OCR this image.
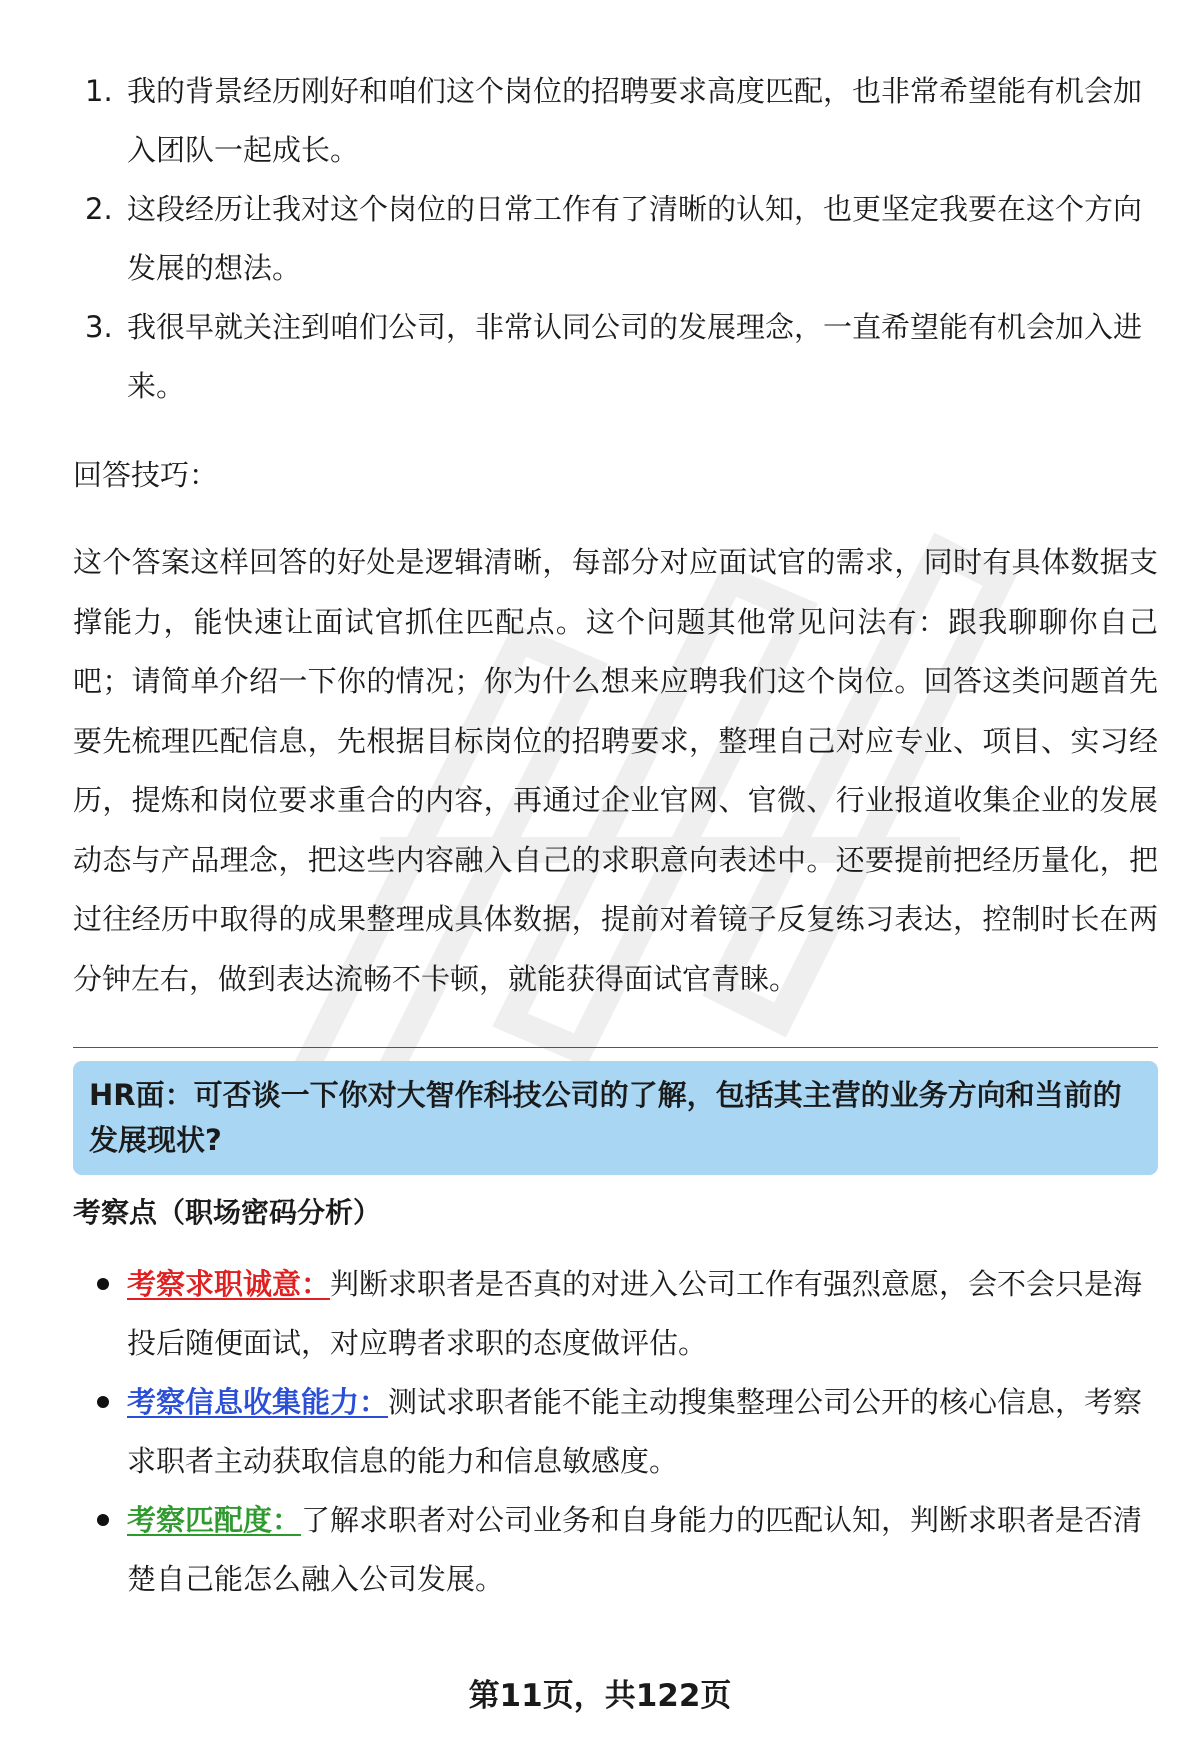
1. 我的背景经历刚好和咱们这个岗位的招聘要求高度匹配，也非常希望能有机会加入团队一起成长。
2. 这段经历让我对这个岗位的日常工作有了清晰的认知，也更坚定我要在这个方向发展的想法。
3. 我很早就关注到咱们公司，非常认同公司的发展理念，一直希望能有机会加入进来。
回答技巧：
这个答案这样回答的好处是逻辑清晰，每部分对应面试官的需求，同时有具体数据支撑能力，能快速让面试官抓住匹配点。这个问题其他常见问法有：跟我聊聊你自己吧；请简单介绍一下你的情况；你为什么想来应聘我们这个岗位。回答这类问题首先要先梳理匹配信息，先根据目标岗位的招聘要求，整理自己对应专业、项目、实习经历，提炼和岗位要求重合的内容，再通过企业官网、官微、行业报道收集企业的发展动态与产品理念，把这些内容融入自己的求职意向表述中。还要提前把经历量化，把过往经历中取得的成果整理成具体数据，提前对着镜子反复练习表达，控制时长在两分钟左右，做到表达流畅不卡顿，就能获得面试官青睐。
HR面：可否谈一下你对大智作科技公司的了解，包括其主营的业务方向和当前的发展现状?
考察点（职场密码分析）
考察求职诚意：判断求职者是否真的对进入公司工作有强烈意愿，会不会只是海投后随便面试，对应聘者求职的态度做评估。
考察信息收集能力：测试求职者能不能主动搜集整理公司公开的核心信息，考察求职者主动获取信息的能力和信息敏感度。
考察匹配度：了解求职者对公司业务和自身能力的匹配认知，判断求职者是否清楚自己能怎么融入公司发展。
第11页，共122页
